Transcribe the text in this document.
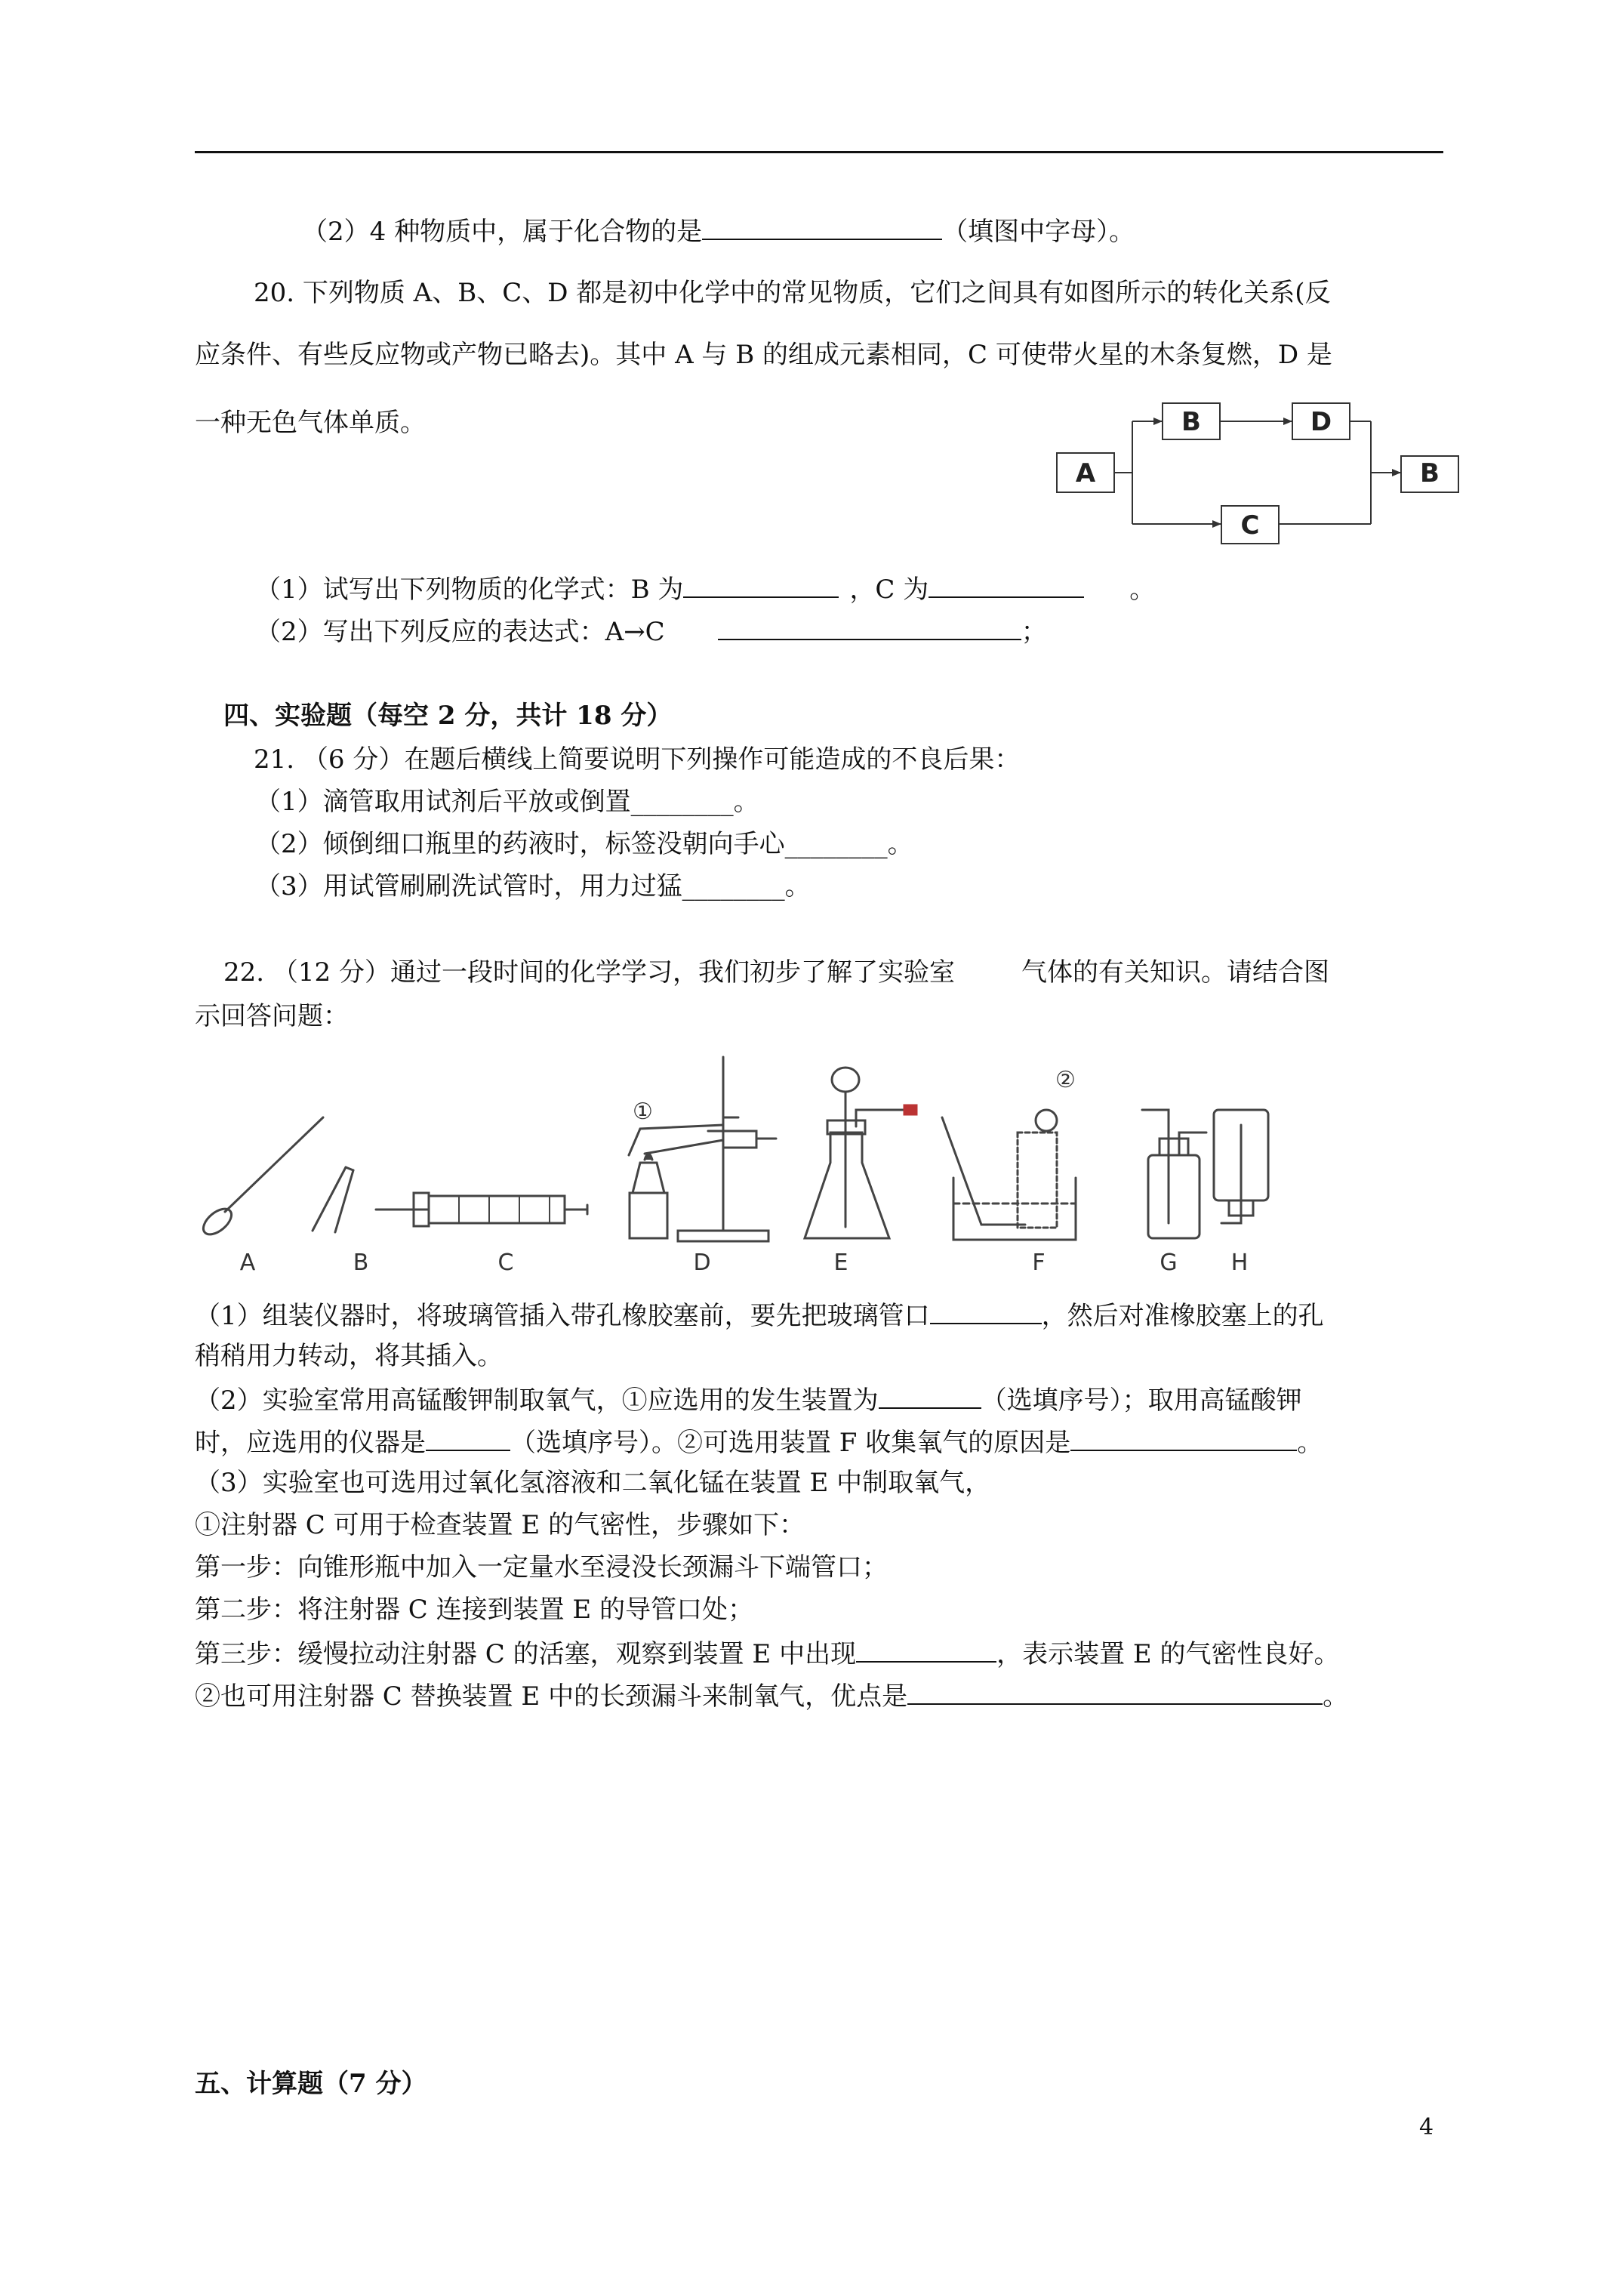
（2）4 种物质中，属于化合物的是	（填图中字母）。
20. 下列物质 A、B、C、D 都是初中化学中的常见物质，它们之间具有如图所示的转化关系(反
应条件、有些反应物或产物已略去)。其中 A 与 B 的组成元素相同，C 可使带火星的木条复燃，D 是
一种无色气体单质。
A
B	D
C
B
（1）试写出下列物质的化学式：B 为	，C 为	。
（2）写出下列反应的表达式：A→C	；
四、实验题（每空 2 分，共计 18 分）
21. （6 分）在题后横线上简要说明下列操作可能造成的不良后果：
（1）滴管取用试剂后平放或倒置________。
（2）倾倒细口瓶里的药液时，标签没朝向手心________。
（3）用试管刷刷洗试管时，用力过猛________。
22. （12 分）通过一段时间的化学学习，我们初步了解了实验室	气体的有关知识。请结合图
示回答问题：
①
②
A	B	C	D	E	F	G H
（1）组装仪器时，将玻璃管插入带孔橡胶塞前，要先把玻璃管口	，然后对准橡胶塞上的孔
稍稍用力转动，将其插入。
（2）实验室常用高锰酸钾制取氧气，①应选用的发生装置为	（选填序号）；取用高锰酸钾
时，应选用的仪器是	（选填序号）。②可选用装置 F 收集氧气的原因是	。
（3）实验室也可选用过氧化氢溶液和二氧化锰在装置 E 中制取氧气，
①注射器 C 可用于检查装置 E 的气密性，步骤如下：
第一步：向锥形瓶中加入一定量水至浸没长颈漏斗下端管口；
第二步：将注射器 C 连接到装置 E 的导管口处；
第三步：缓慢拉动注射器 C 的活塞，观察到装置 E 中出现	，表示装置 E 的气密性良好。
②也可用注射器 C 替换装置 E 中的长颈漏斗来制氧气，优点是	。
五、计算题（7 分）
4
